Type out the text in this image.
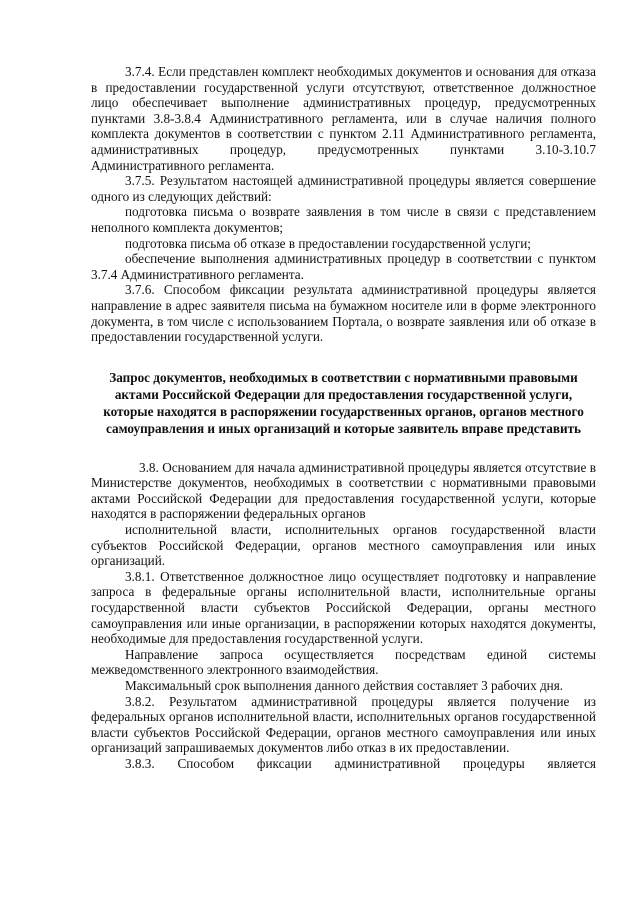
3.7.4. Если представлен комплект необходимых документов и основания для отказа в предоставлении государственной услуги отсутствуют, ответственное должностное лицо обеспечивает выполнение административных процедур, предусмотренных пунктами 3.8-3.8.4 Административного регламента, или в случае наличия полного комплекта документов в соответствии с пунктом 2.11 Административного регламента, административных процедур, предусмотренных пунктами 3.10-3.10.7 Административного регламента.

3.7.5. Результатом настоящей административной процедуры является совершение одного из следующих действий:

подготовка письма о возврате заявления в том числе в связи с представлением неполного комплекта документов;

подготовка письма об отказе в предоставлении государственной услуги;

обеспечение выполнения административных процедур в соответствии с пунктом 3.7.4 Административного регламента.

3.7.6. Способом фиксации результата административной процедуры является направление в адрес заявителя письма на бумажном носителе или в форме электронного документа, в том числе с использованием Портала, о возврате заявления или об отказе в предоставлении государственной услуги.

Запрос документов, необходимых в соответствии с нормативными правовыми актами Российской Федерации для предоставления государственной услуги, которые находятся в распоряжении государственных органов, органов местного самоуправления и иных организаций и которые заявитель вправе представить

3.8. Основанием для начала административной процедуры является отсутствие в Министерстве документов, необходимых в соответствии с нормативными правовыми актами Российской Федерации для предоставления государственной услуги, которые находятся в распоряжении федеральных органов

исполнительной власти, исполнительных органов государственной власти субъектов Российской Федерации, органов местного самоуправления или иных организаций.

3.8.1. Ответственное должностное лицо осуществляет подготовку и направление запроса в федеральные органы исполнительной власти, исполнительные органы государственной власти субъектов Российской Федерации, органы местного самоуправления или иные организации, в распоряжении которых находятся документы, необходимые для предоставления государственной услуги.

Направление запроса осуществляется посредствам единой системы межведомственного электронного взаимодействия.

Максимальный срок выполнения данного действия составляет 3 рабочих дня.

3.8.2. Результатом административной процедуры является получение из федеральных органов исполнительной власти, исполнительных органов государственной власти субъектов Российской Федерации, органов местного самоуправления или иных организаций запрашиваемых документов либо отказ в их предоставлении.

3.8.3. Способом фиксации административной процедуры является
